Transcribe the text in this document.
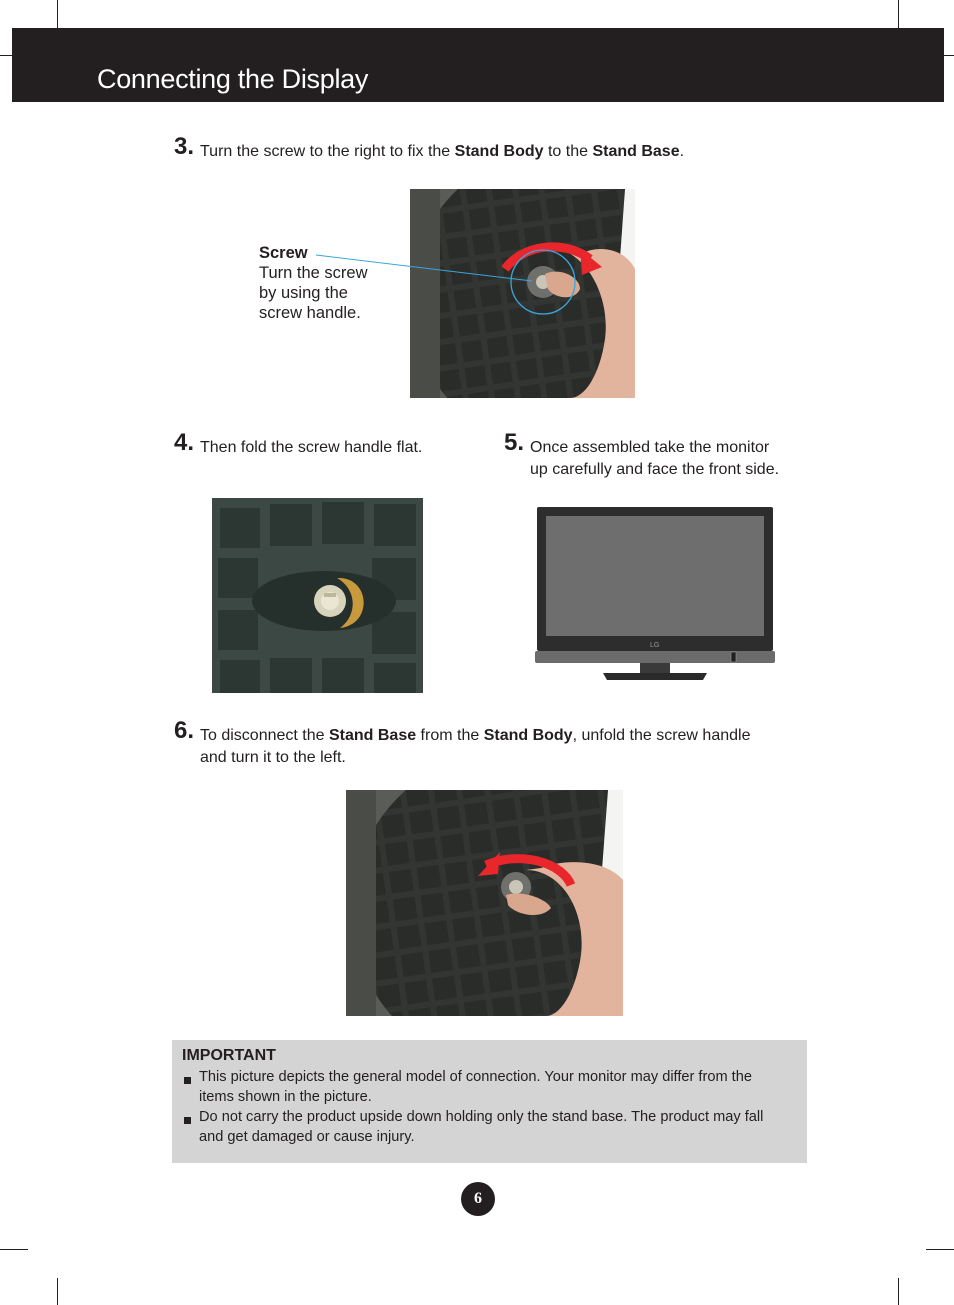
Connecting the Display
3. Turn the screw to the right to fix the Stand Body to the Stand Base.
Screw
Turn the screw
by using the
screw handle.
4. Then fold the screw handle flat.	5. Once assembled take the monitor
up carefully and face the front side.
LG
6. To disconnect the Stand Base from the Stand Body, unfold the screw handle
and turn it to the left.
IMPORTANT
This picture depicts the general model of connection. Your monitor may differ from the
items shown in the picture.
Do not carry the product upside down holding only the stand base. The product may fall
and get damaged or cause injury.
6
